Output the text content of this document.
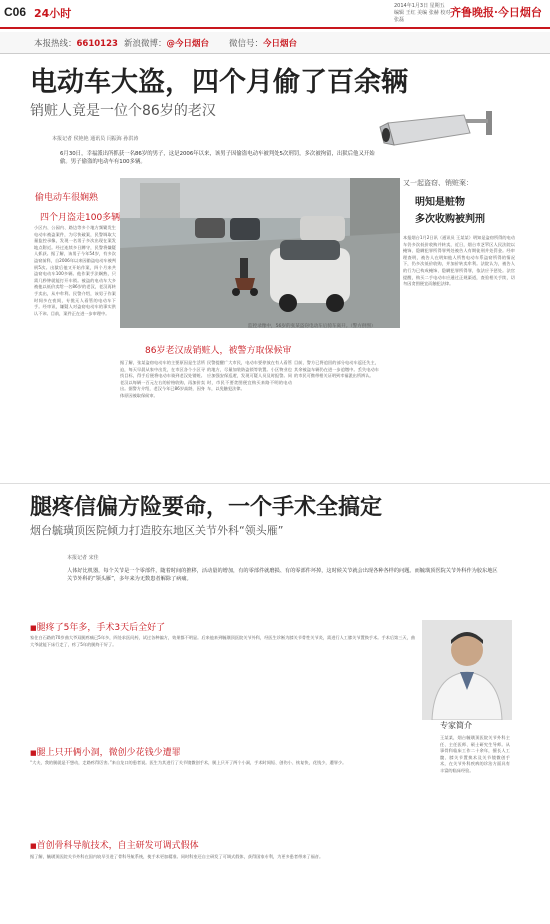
C06 24小时
2014年1月3日 星期五
编辑 王红 美编 张赫 校对 张磊
齐鲁晚报·今日烟台
本报热线：6610123 新浪微博：@今日烟台 微信号：今日烟台
电动车大盗，四个月偷了百余辆
销赃人竟是一位个86岁的老汉
本报记者 侯艳艳 通讯员 闫振海 孙洪涛
6月30日，幸福派出所抓获一名86岁的男子，这是2006年以来，该男子因偷盗电动车被判处5次刑罚，多次被拘留，出狱后他又开始偷。男子偷盗的电动车有100多辆。
偷电动车很娴熟
四个月盗走100多辆
小区内、公园内、路边等多个地方频繁发生电动车被盗案件，为尽快破案，民警调取大量监控录像，发现一名男子多次出现在案发地点附近。经过连续多日蹲守，民警将嫌疑人抓获。据了解，该男子今年54岁，有多次盗窃前科，自2006年以来因偷盗电动车被判刑5次。出狱后他又开始作案，四个月来共盗窃电动车100多辆。他作案手法娴熟，只需几秒钟就能打开车锁。被盗的电动车大多被他以低价卖给一名86岁的老汉，老汉再转手卖出，从中牟利。民警介绍，该男子作案时间多在夜间，专挑无人看管的电动车下手。经审讯，嫌疑人对盗窃电动车的事实供认不讳。目前，案件正在进一步审理中。
监控录像中，56岁的张某盗窃电动车后骑车离开。（警方供图）
86岁老汉成销赃人，被警方取保候审
据了解，张某盗窃电动车的主要原因是生活所迫，每天早晨从家中出发，在市区各个小区寻找目标，得手后便将电动车骑到老汉处销赃。老汉以每辆一百元左右的价格收购，再加价卖出。据警方介绍，老汉今年已86岁高龄，因身体原因被取保候审。
民警提醒广大市民，电动车要停放在有人看管的地方，尽量加装防盗锁等装置。小区物业也应加强安保巡逻，发现可疑人员及时报警。同时，市民不要贪图便宜购买来路不明的电动车，以免触犯法律。
目前，警方已将追回的部分电动车返还失主，其余被盗车辆仍在进一步追缴中。丢失电动车的市民可携带相关证明到幸福派出所辨认。
又一起盗窃、销赃案：
明知是赃物
多次收购被判刑
本报烟台1月2日讯（通讯员 王某某）明知是盗窃所得的电动车仍多次低价收购并转卖，近日，烟台市芝罘区人民法院以掩饰、隐瞒犯罪所得罪判处被告人有期徒刑并处罚金。经审理查明，被告人在明知他人所售电动车系盗窃所得的情况下，仍多次低价收购，并加价转卖牟利。法院认为，被告人的行为已构成掩饰、隐瞒犯罪所得罪，依法应予惩处。法官提醒，购买二手电动车应通过正规渠道，查验相关手续，切勿因贪图便宜而触犯法律。
腿疼信偏方险要命，一个手术全搞定
烟台毓璜顶医院倾力打造胶东地区关节外科“领头雁”
本报记者 宋佳
人体好比机器，每个关节是一个零部件，随着时间的推移，活动量的增加，有的零部件就磨损、有的零部件坏掉，这时候关节就会出现各种各样的问题。而毓璜顶医院关节外科作为胶东地区关节外科的“领头雁”，多年来为无数患者解除了病痛。
■腿疼了5年多，手术3天后全好了
家住白石路的70岁曲大爷双腿疼痛已5年多，四处求医问药，试过各种偏方，效果都不明显。后来他来到毓璜顶医院关节外科，经医生诊断为膝关节骨性关节炎，需进行人工膝关节置换手术。手术后第三天，曲大爷就能下床行走了，疼了5年的腿终于好了。
■腿上只开俩小洞，微创少花钱少遭罪
“大夫，我的腿就是不想动，走路疼得厉害。”来自龙口的患者说。医生为其进行了关节镜微创手术，腿上只开了两个小洞，手术时间短、创伤小、恢复快，花钱少，遭罪少。
■首创骨科导航技术，自主研发可调式假体
据了解，毓璜顶医院关节外科在国内较早引进了骨科导航系统，使手术更加精准。同时科室还自主研发了可调式假体，获得国家专利，为更多患者带来了福音。
专家简介
王某某，烟台毓璜顶医院关节外科主任、主任医师、硕士研究生导师。从事骨科临床工作二十余年，擅长人工髋、膝关节置换术及关节镜微创手术，在关节外科疾病的诊治方面具有丰富的临床经验。
